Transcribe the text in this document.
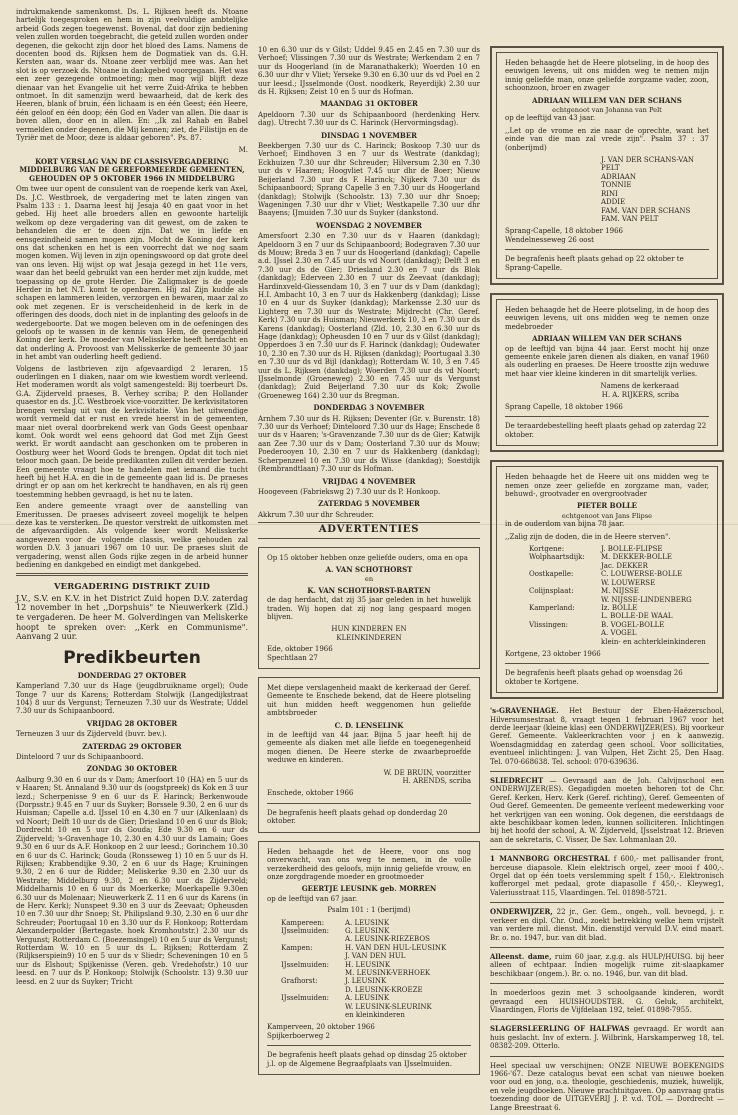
indrukmakende samenkomst. Ds. L. Rijksen heeft ds. Ntoane hartelijk toegesproken en hem in zijn veelvuldige ambtelijke arbeid Gods zegen toegewenst. Bovenal, dat door zijn bediening velen zullen worden toegebracht, die geteld zullen worden onder degenen, die gekocht zijn door het bloed des Lams. Namens de docenten bood ds. Rijksen hem de Dogmatiek van ds. G.H. Kersten aan, waar ds. Ntoane zeer verblijd mee was. Aan het slot is op verzoek ds. Ntoane in dankgebed voorgegaan. Het was een zeer gezegende ontmoeting; men mag wijl blijft deze dienaar van het Evangelie uit het verre Zuid-Afrika te hebben ontmoet. In dit samenzijn werd bewaarheid, dat de kerk des Heeren, blank of bruin, één lichaam is en één Geest; één Heere, één geloof en één doop; één God en Vader van allen. Die daar is boven allen, door en in allen. En: ,,Ik zal Rahab en Babel vermelden onder degenen, die Mij kennen; ziet, de Filistijn en de Tyriër met de Moor, deze is aldaar geboren". Ps. 87.

M.

KORT VERSLAG VAN DE CLASSISVERGADERING MIDDELBURG VAN DE GEREFORMEERDE GEMEENTEN, GEHOUDEN OP 5 OKTOBER 1966 IN MIDDELBURG

Om twee uur opent de consulent van de roepende kerk van Axel, Ds. J.C. Westbroek, de vergadering met te laten zingen van Psalm 133 : 1. Daarna leest hij Jesaja 40 en gaat voor in het gebed. Hij heet alle broeders allen en gewoonte hartelijk welkom op deze vergadering van dit gewest, om de zaken te behandelen die er te doen zijn. Dat we in liefde en eensgezindheid samen mogen zijn. Mocht de Koning der kerk ons dat schenken en het is een voorrecht dat we nog saam mogen komen. Wij leven in zijn openingswoord op dat grote deel van ons leven. Hij wijst op wat Jesaja gezegd in het 11e vers, waar dan het beeld gebruikt van een herder met zijn kudde, met toepassing op de grote Herder. Die Zaligmaker is de goede Herder in het N.T. komt te openbaren. Hij zal Zijn kudde als schapen en lammeren leiden, verzorgen en bewaren, maar zal zo ook met zegenen. Er is verscheidenheid in de kerk in de offeringen des doods, doch niet in de inplanting des geloofs in de wedergeboorte. Dat we mogen beleven om in de oefeningen des geloofs op te wassen in de kennis van Hem, de genegenheid Koning der kerk. De moeder van Melisskerke heeft herdacht en dat onderling A. Provoost van Melisskerke de gemeente 30 jaar in het ambt van ouderling heeft gediend.

Volgens de lastbrieven zijn afgevaardigd 2 leraren, 15 ouderlingen en 1 diaken, naar om wie kwestiem wordt verleend. Het moderamen wordt als volgt samengesteld: Bij toerbeurt Ds. G.A. Zijderveld praeses, B. Verhey scriba; P. den Hollander quaestor en ds. J.C. Westbroek vice-voorzitter. De kerkvisitatoren brengen verslag uit van de kerkvisitatie. Van het uitwendige wordt vermeld dat er rust en vrede heerst in de gemeenten, maar niet overal doorbrekend werk van Gods Geest openbaar komt. Ook wordt wel eens gehoord dat God met Zijn Geest werkt. Er wordt aandacht aan geschonken om te proberen in Oostburg weer het Woord Gods te brengen. Opdat dit toch niet teloor moch gaan. De beide predikanten zullen dit verder bezien. Een gemeente vraagt hoe te handelen met iemand die tucht heeft bij het H.A. en die in de gemeente gaan lid is. De praeses dringt er op aan om het kerkrecht te handhaven, en als rij geen toestemming hebben gevraagd, is het nu te laten.

Een andere gemeente vraagt over de aanstelling van Emeritussen. De praeses adviseert zoveel mogelijk te helpen deze kas te versterken. De questor verstrekt de uitkomsten met de afgevaardigden. Als volgende keer wordt Melisskerke aangewezen voor de volgende classis, welke gehouden zal worden D.V. 3 januari 1967 om 10 uur. De praeses sluit de vergadering, wenst allen Gods rijke zegen in de arbeid hunner bediening en dankgebed en eindigt met dankgebed.

VERGADERING DISTRIKT ZUID

J.V., S.V. en K.V. in het District Zuid hopen D.V. zaterdag 12 november in het ,,Dorpshuis" te Nieuwerkerk (Zld.) te vergaderen. De heer M. Golverdingen van Meliskerke hoopt te spreken over: ,,Kerk en Communisme". Aanvang 2 uur.

Predikbeurten
DONDERDAG 27 OKTOBER

Kamperland 7.30 uur ds Hage (jeugdbruikname orgel); Oude Tonge 7 uur ds Karens; Rotterdam Stolwijk (Langedijkstraat 104) 8 uur ds Vergunst; Terneuzen 7.30 uur ds Westrate; Uddel 7.30 uur ds Schipaanboord.

VRIJDAG 28 OKTOBER

Terneuzen 3 uur ds Zijderveld (buvr. bev.).

ZATERDAG 29 OKTOBER

Dinteloord 7 uur ds Schipaanboord.

ZONDAG 30 OKTOBER

Aalburg 9.30 en 6 uur ds v Dam; Amerfoort 10 (HA) en 5 uur ds v Haaren; St. Annaland 9.30 uur ds (oogstpreek) ds Kok en 3 uur lezd.; Scherpenisse 9 en 6 uur ds F. Harinck; Berkenwoude (Dorpsstr.) 9.45 en 7 uur ds Suyker; Borssele 9.30, 2 en 6 uur ds Huisman; Capelle a.d. IJssel 10 en 4.30 en 7 uur (Alkenlaan) ds vd Noort; Delft 10 uur ds de Gier; Driesland 10 en 6 uur ds Blok; Dordrecht 10 en 5 uur ds Gouda; Ede 9.30 en 6 uur ds Zijderveld; 's-Gravenhage 10, 2.30 en 4.30 uur ds Lamain; Goes 9.30 en 6 uur ds A.F. Honkoop en 2 uur leesd.; Gorinchem 10.30 en 6 uur ds C. Harinck; Gouda (Ronsseweg 1) 10 en 5 uur ds H. Rijksen; Krabbendijke 9.30, 2 en 6 uur ds Hage; Kruiningen 9.30, 2 en 6 uur de Ridder; Meliskerke 9.30 en 2.30 uur ds Westrate; Middelburg 9.30, 2 en 6.30 uur ds Zijderveld; Middelharnis 10 en 6 uur ds Moerkerke; Moerkapelle 9.30en 6.30 uur ds Molenaar; Nieuwerkerk Z. 11 en 6 uur ds Karens (in de Herv. Kerk); Nunspeet 9.30 en 3 uur ds Zeevaat; Opheusden 10 en 7.30 uur dhr Snoep; St. Philipsland 9.30, 2.30 en 6 uur dhr Schreuder; Poortugaal 10 en 3.30 uur ds F. Honkoop; Rotterdam Alexanderpolder (Bertegaste. hoek Kromhoutstr.) 2.30 uur ds Vergunst; Rotterdam C. (Boezemsingel) 10 en 5 uur ds Vergunst; Rotterdam W. 10 en 5 uur ds L. Rijksen; Rotterdam Z (Riljkserspiein9) 10 en 5 uur ds v Sliedr; Scheveningen 10 en 5 uur ds Elshout; Spijkenisse (Veren. geb. Vredehofstr.) 10 uur leesd. en 7 uur ds P. Honkoop; Stolwijk (Schoolstr. 13) 9.30 uur leesd. en 2 uur ds Suyker; Tricht

10 en 6.30 uur ds v Gilst; Uddel 9.45 en 2.45 en 7.30 uur ds Verhoef; Vlissingen 7.30 uur ds Westrate; Werkendam 2 en 7 uur ds Hoogerland (in de Maranathakerk); Woerden 10 en 6.30 uur dhr v Vliet; Yerseke 9.30 en 6.30 uur ds vd Poel en 2 uur leesd.; IJsselmonde (Oost. noodkerk, Reyerdijk) 2.30 uur ds H. Rijksen; Zeist 10 en 5 uur ds Hofman.

MAANDAG 31 OKTOBER

Apeldoorn 7.30 uur ds Schipaanboord (herdenking Herv. dag). Utrecht 7.30 uur ds C. Harinck (Hervormingsdag).

DINSDAG 1 NOVEMBER

Beekbergen 7.30 uur ds C. Harinck; Boskoop 7.30 uur ds Verhoef; Eindhoven 3 en 7 uur ds Westrate (dankdag); Eckhuizen 7.30 uur dhr Schreuder; Hilversum 2.30 en 7.30 uur ds v Haaren; Hoogvliet 7.45 uur dhr de Boer; Nieuw Beijerland 7.30 uur ds F. Harinck; Nijkerk 7.30 uur ds Schipaanboord; Sprang Capelle 3 en 7.30 uur ds Hoogerland (dankdag); Stolwijk (Schoolstr. 13) 7.30 uur dhr Snoep; Wageningen 7.30 uur dhr v Vliet; Westkapelle 7.30 uur dhr Baayens; IJmuiden 7.30 uur ds Suyker (dankstond.

WOENSDAG 2 NOVEMBER

Amersfoort 2.30 en 7.30 uur ds v Haaren (dankdag); Apeldoorn 3 en 7 uur ds Schipaanboord; Bodegraven 7.30 uur ds Mouw; Breda 3 en 7 uur ds Hoogerland (dankdag); Capelle a.d. IJssel 2.30 en 7.45 uur ds vd Noort (dankdag); Delft 3 en 7.30 uur ds de Gier; Driesland 2.30 en 7 uur ds Blok (dankdag); Ederveen 2.30 en 7 uur ds Zeevaat (dankdag); Hardinxveld-Giessendam 10, 3 en 7 uur ds v Dam (dankdag); H.I. Ambacht 10, 3 en 7 uur ds Hakkenberg (dankdag); Lisse 10 en 4 uur ds Suyker (dankdag); Markensse 2.30 uur ds Lighterg en 7.30 uur ds Westrate; Mijdrecht (Chr. Geref. Kerk) 7.30 uur ds Huisman; Nieuwerkerk 10, 3 en 7.30 uur ds Karens (dankdag); Oosterland (Zld. 10, 2.30 en 6.30 uur ds Hage (dankdag); Opheusden 10 en 7 uur ds v Gilst (dankdag); Opperdoes 3 en 7.30 uur ds F. Harinck (dankdag); Oudewater 10, 2.30 en 7.30 uur ds H. Rijksen (dankdag); Poortugaal 3.30 en 7.30 uur ds vd Bijl (dankdag); Rotterdam W. 10, 3 en 7.45 uur ds L. Rijksen (dankdag); Woerden 7.30 uur ds vd Noort; IJsselmonde (Groeneweg) 2.30 en 7.45 uur ds Vergunst (dankdag); Zuid Beijerland 7.30 uur ds Kok; Zwolle (Groeneweg 164) 2.30 uur ds Bregman.

DONDERDAG 3 NOVEMBER

Arnhem 7.30 uur ds H. Rijksen; Deventer (Gr. v. Burenstr. 18) 7.30 uur ds Verhoef; Dinteloord 7.30 uur ds Hage; Enschede 8 uur ds v Haaren; 's-Gravenzande 7.30 uur ds de Gier; Katwijk aan Zee 7.30 uur ds v Dam; Oosterland 7.30 uur ds Mouw; Poederooyen 10, 2.30 en 7 uur ds Hakkenberg (dankdag); Scherpenzeel 10 en 7.30 uur ds Wisse (dankdag); Soestdijk (Rembrandtlaan) 7.30 uur ds Hofman.

VRIJDAG 4 NOVEMBER

Hoogeveen (Fabriekswg 2) 7.30 uur ds P. Honkoop.

ZATERDAG 5 NOVEMBER

Akkrum 7.30 uur dhr Schreuder.

ADVERTENTIES

Op 15 oktober hebben onze geliefde ouders, oma en opa

A. VAN SCHOTHORST
en
K. VAN SCHOTHORST-BARTEN

de dag herdacht, dat zij 35 jaar geleden in het huwelijk traden. Wij hopen dat zij nog lang gespaard mogen blijven.

HUN KINDEREN EN KLEINKINDEREN
Ede, oktober 1966
Spechtlaan 27

Met diepe verslagenheid maakt de kerkeraad der Geref. Gemeente te Enschede bekend, dat de Heere plotseling uit hun midden heeft weggenomen hun geliefde ambtsbroeder

C. D. LENSELINK

in de leeftijd van 44 jaar. Bijna 5 jaar heeft hij de gemeente als diaken met alle liefde en toegenegenheid mogen dienen. De Heere sterke de zwaarbeproefde weduwe en kinderen.

W. DE BRUIN, voorzitter
H. ARENDS, scriba
Enschede, oktober 1966
De begrafenis heeft plaats gehad op donderdag 20 oktober.

Heden behaagde het de Heere, voor ons nog onverwacht, van ons weg te nemen, in de volle verzekerdheid des geloofs, mijn innig geliefde vrouw, en onze zorgdragende moeder en grootmoeder

GEERTJE LEUSINK geb. MORREN
op de leeftijd van 67 jaar.
Psalm 101 : 1 (berijmd)
Kampereen:	A. LEUSINK
IJsselmuiden:	G. LEUSINK
A. LEUSINK-RIEZEBOS
Kampen:	H. VAN DEN HUL-LEUSINK
J. VAN DEN HUL
IJsselmuiden:	H. LEUSINK
M. LEUSINK-VERHOEK
Grafhorst:	J. LEUSINK
D. LEUSINK-KROEZE
IJsselmuiden:	A. LEUSINK
W. LEUSINK-SLEURINK
en kleinkinderen
Kamperveen, 20 oktober 1966
Spijkerboerweg 2
De begrafenis heeft plaats gehad op dinsdag 25 oktober j.l. op de Algemene Begraafplaats van IJsselmuiden.

Heden behaagde het de Heere plotseling, in de hoop des eeuwigen levens, uit ons midden weg te nemen mijn innig geliefde man, onze geliefde zorgzame vader, zoon, schoonzoon, broer en zwager

ADRIAAN WILLEM VAN DER SCHANS
echtgenoot van Johanna van Pelt

op de leeftijd van 43 jaar.

,,Let op de vrome en zie naar de oprechte, want het einde van die man zal vrede zijn". Psalm 37 : 37 (onberijmd)

J. VAN DER SCHANS-VAN PELT
ADRIAAN
TONNIE
RINI
ADDIE
FAM. VAN DER SCHANS
FAM. VAN PELT
Sprang-Capelle, 18 oktober 1966
Wendelnesseweg 26 oost
De begrafenis heeft plaats gehad op 22 oktober te Sprang-Capelle.

Heden behaagde het de Heere plotseling, in de hoop des eeuwigen levens, uit ons midden weg te nemen onze medebroeder

ADRIAAN WILLEM VAN DER SCHANS

op de leeftijd van bijna 44 jaar. Eerst mocht hij onze gemeente enkele jaren dienen als diaken, en vanaf 1960 als ouderling en praeses. De Heere troostte zijn weduwe met haar vier kleine kinderen in dit smartelijk verlies.

Namens de kerkeraad
H. A. RIJKERS, scriba
Sprang Capelle, 18 oktober 1966
De teraardebestelling heeft plaats gehad op zaterdag 22 oktober.

Heden behaagde het de Heere uit ons midden weg te nemen onze zeer geliefde en zorgzame man, vader, behuwd-, grootvader en overgrootvader

PIETER BOLLE
echtgenoot van Jans Flipse

in de ouderdom van bijna 78 jaar.

,,Zalig zijn de doden, die in de Heere sterven".

Kortgene:	J. BOLLE-FLIPSE
Wolphaartsdijk:	M. DEKKER-BOLLE
Jac. DEKKER
Oostkapelle:	C. LOUWERSE-BOLLE
W. LOUWERSE
Colijnsplaat:	M. NIJSSE
W. NIJSSE-LINDENBERG
Kamperland:	Iz. BOLLE
L. BOLLE-DE WAAL
Vlissingen:	B. VOGEL-BOLLE
A. VOGEL
klein- en achterkleinkinderen
Kortgene, 23 oktober 1966
De begrafenis heeft plaats gehad op woensdag 26 oktober te Kortgene.

's-GRAVENHAGE. Het Bestuur der Eben-Haëzerschool, Hilversumsestraat 8, vraagt tegen 1 februari 1967 voor het derde leerjaar (kleine klas) een ONDERWIJZER(ES). Bij voorkeur Geref. Gemeente. Vakleerkrachten voor j en k aanwezig. Woensdagmiddag en zaterdag geen school. Voor sollicitaties, eventueel inlichtingen: J. van Vulpen, Het Zicht 25, Den Haag. Tel. 070-668638. Tel. school: 070-639636.

SLIEDRECHT — Gevraagd aan de Joh. Calvijnschool een ONDERWIJZER(ES). Gegadigden moeten behoren tot de Chr. Geref. Kerken, Herv. Kerk (Geref. richting), Geref. Gemeenten of Oud Geref. Gemeenten. De gemeente verleent medewerking voor het verkrijgen van een woning. Ook degenen, die eerstdaags de akte beschikbaar komen leden, kunnen solliciteren. Inlichtingen bij het hoofd der school, A. W. Zijderveld, IJsselstraat 12. Brieven aan de sekretaris, C. Visser, De Sav. Lohmanlaan 20.

1 MANNBORG ORCHESTRAL f 600,- met pallisander front, berceuse diapasole. Klein elektrisch orgel, zeer mooi f 400,-. Orgel dat op één toets verslemming spelt f 150,-. Elektronisch kofferorgel met pedaal, grote diapasolle f 450,-. Kleyweg1, Valeriusstraat 115, Vlaardingen. Tel. 01898-5721.

ONDERWIJZER, 22 jr., Ger. Gem., ongeh., voll. bevoegd, j. r. verkeer en dipl. Chr. Ond., zoekt betrekking welke hem vrijstelt van verdere mil. dienst. Min. dienstijd vervuld D.V. eind maart. Br. o. no. 1947, bur. van dit blad.

Alleenst. dame, ruim 60 jaar, z.g.g. als HULP/HUISG. bij heer alleen of echtpaar. Indien mogelijk ruime zit-slaapkamer beschikbaar (ongem.). Br. o. no. 1946, bur. van dit blad.

In moederloos gezin met 3 schoolgaande kinderen, wordt gevraagd een HUISHOUDSTER. G. Geluk, architekt, Vlaardingen, Floris de Vijfdelaan 192, telef. 01898-7955.

SLAGERSLEERLING OF HALFWAS gevraagd. Er wordt aan huis geslacht. Inv of extern. J. Wilbrink, Harskamperweg 18, tel. 08382-209. Otterlo.

Heel speciaal uw verschijnen: ONZE NIEUWE BOEKENGIDS 1966-'67. Deze catalogus bevat een schat van nieuwe boeken voor oud en jong, o.a. theologie, geschiedenis, muziek, huwelijk, en vele jeugdboeken. Nieuwe prachtuitgaven. Op aanvraag gratis toezending door de UITGEVERIJ J. P. v.d. TOL — Dordrecht — Lange Breestraat 6.
